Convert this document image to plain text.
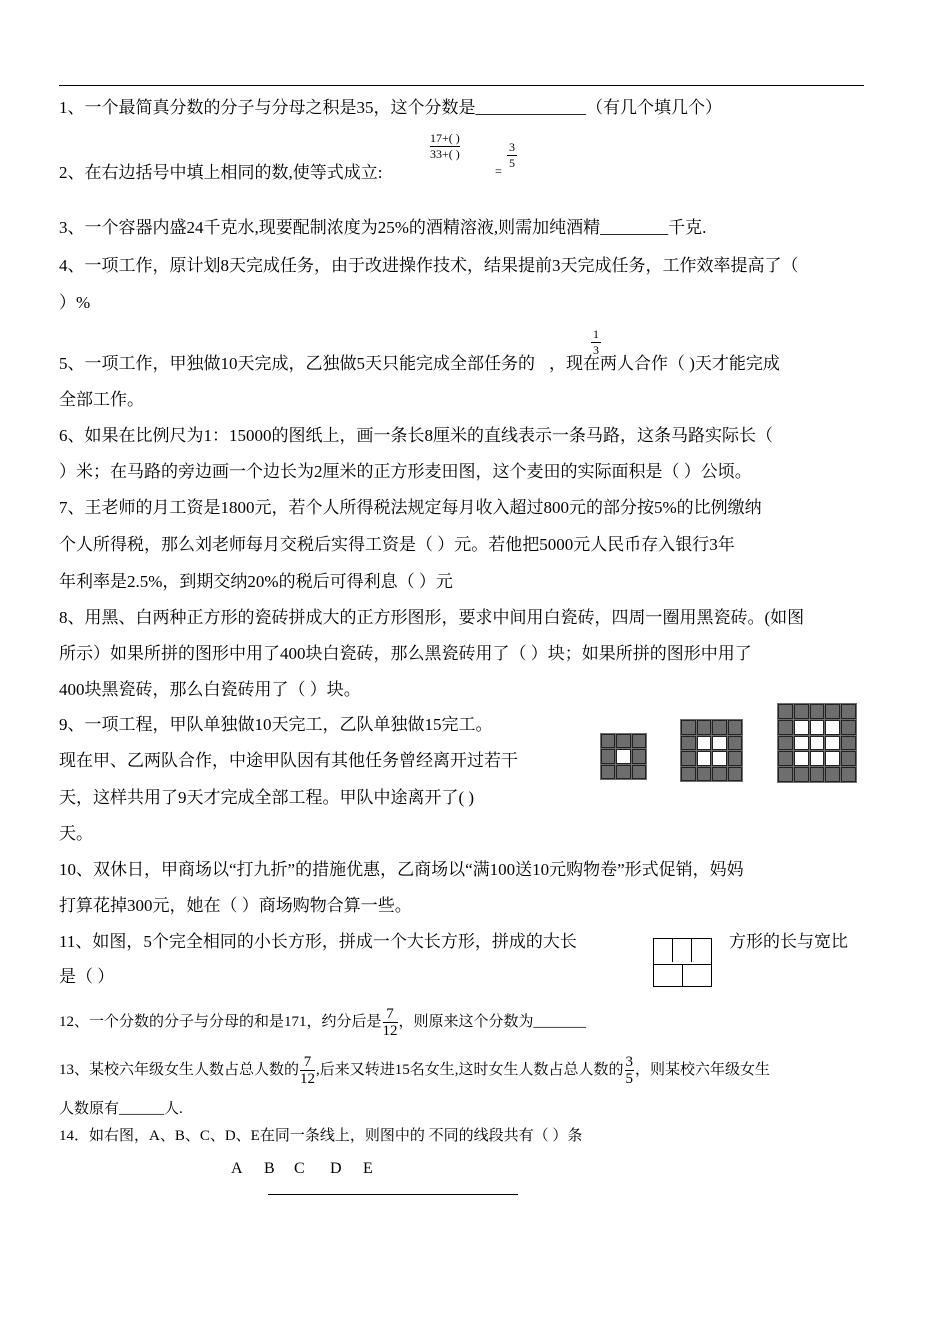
1、一个最简真分数的分子与分母之积是35，这个分数是_____________（有几个填几个）
17+( )
33+( )
2、在右边括号中填上相同的数,使等式成立:	=
3
5
3、一个容器内盛24千克水,现要配制浓度为25%的酒精溶液,则需加纯酒精________千克.
4、一项工作，原计划8天完成任务，由于改进操作技术，结果提前3天完成任务，工作效率提高了（
）%
1
3
5、一项工作，甲独做10天完成，乙独做5天只能完成全部任务的 ，现在两人合作（ )天才能完成
全部工作。
6、如果在比例尺为1：15000的图纸上，画一条长8厘米的直线表示一条马路，这条马路实际长（
）米；在马路的旁边画一个边长为2厘米的正方形麦田图，这个麦田的实际面积是（ ）公顷。
7、王老师的月工资是1800元，若个人所得税法规定每月收入超过800元的部分按5%的比例缴纳
个人所得税，那么刘老师每月交税后实得工资是（ ）元。若他把5000元人民币存入银行3年
年利率是2.5%，到期交纳20%的税后可得利息（ ）元
8、用黑、白两种正方形的瓷砖拼成大的正方形图形，要求中间用白瓷砖，四周一圈用黑瓷砖。(如图
所示）如果所拼的图形中用了400块白瓷砖，那么黑瓷砖用了（ ）块；如果所拼的图形中用了
400块黑瓷砖，那么白瓷砖用了（ ）块。
9、一项工程，甲队单独做10天完工，乙队单独做15完工。
现在甲、乙两队合作，中途甲队因有其他任务曾经离开过若干
天，这样共用了9天才完成全部工程。甲队中途离开了( )
天。
10、双休日，甲商场以“打九折”的措施优惠，乙商场以“满100送10元购物卷”形式促销，妈妈
打算花掉300元，她在（ ）商场购物合算一些。
11、如图，5个完全相同的小长方形，拼成一个大长方形，拼成的大长	方形的长与宽比
是（ ）
12、一个分数的分子与分母的和是171，约分后是 $\frac{7}{12}$ ，则原来这个分数为_______
13、某校六年级女生人数占总人数的 $\frac{7}{12}$ ,后来又转进15名女生,这时女生人数占总人数的 $\frac{3}{5}$ ，则某校六年级女生
人数原有______人.
14．如右图，A、B、C、D、E在同一条线上，则图中的 不同的线段共有（ ）条
A B C D E
